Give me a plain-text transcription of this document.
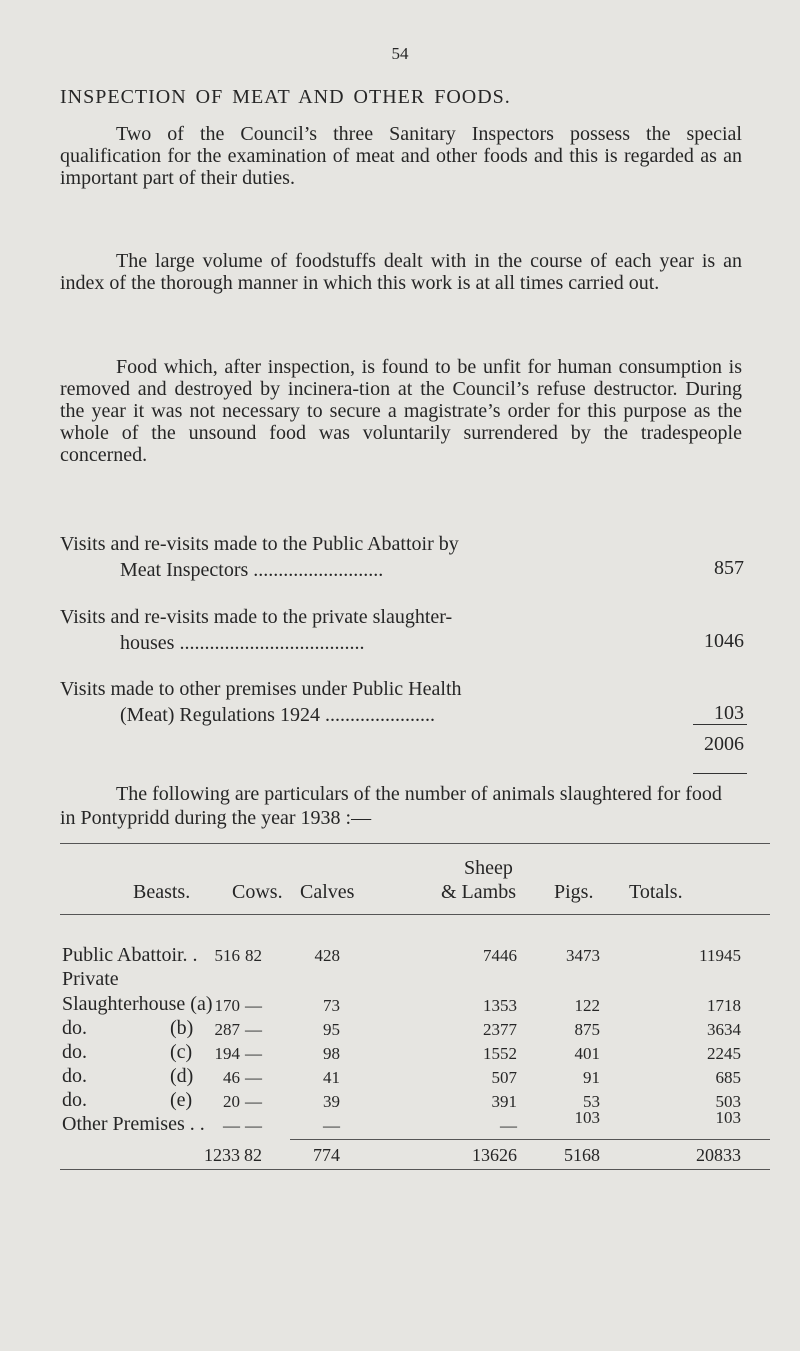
54
INSPECTION OF MEAT AND OTHER FOODS.
Two of the Council’s three Sanitary Inspectors possess the special qualification for the examination of meat and other foods and this is regarded as an important part of their duties.
The large volume of foodstuffs dealt with in the course of each year is an index of the thorough manner in which this work is at all times carried out.
Food which, after inspection, is found to be unfit for human consumption is removed and destroyed by incinera-tion at the Council’s refuse destructor. During the year it was not necessary to secure a magistrate’s order for this purpose as the whole of the unsound food was voluntarily surrendered by the tradespeople concerned.
Visits and re-visits made to the Public Abattoir by
Meat Inspectors ..........................	857
Visits and re-visits made to the private slaughter-
houses .....................................	1046
Visits made to other premises under Public Health
(Meat) Regulations 1924 ......................	103
2006
The following are particulars of the number of animals slaughtered for food in Pontypridd during the year 1938 :—
Sheep
Beasts. Cows. Calves	& Lambs Pigs. Totals.
Public Abattoir. . 516 82	428	7446	3473	11945
Private
Slaughterhouse (a) 170 —	73	1353	122	1718
do.	(b)	287 —	95	2377	875	3634
do.	(c)	194 —	98	1552	401	2245
do.	(d)	46 —	41	507	91	685
do.	(e)	20 —	39	391	53	503
Other Premises . .	— —	—	—	103	103
1233 82	774	13626	5168	20833
